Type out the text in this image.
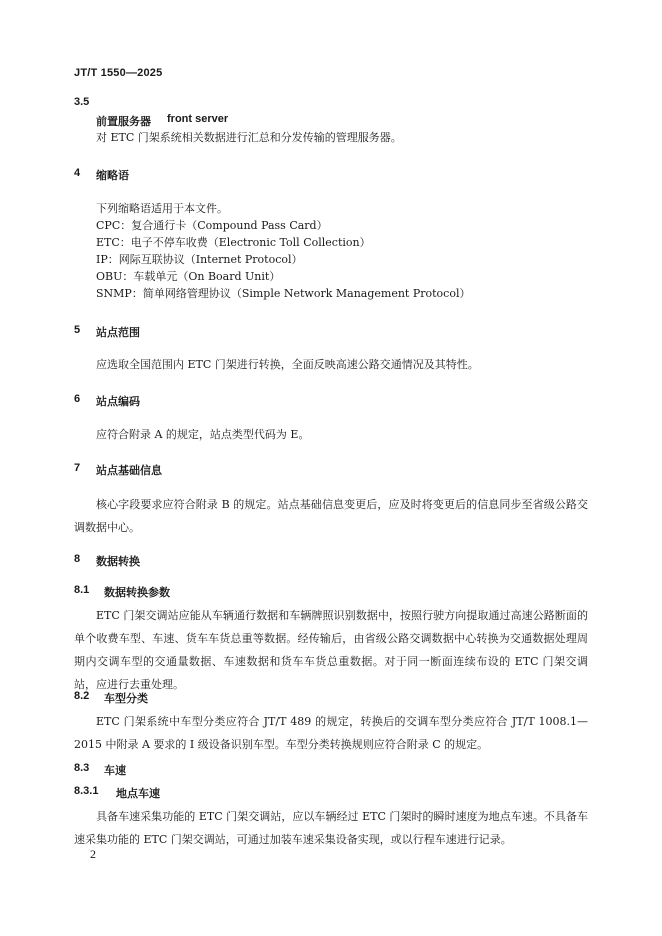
JT/T 1550—2025
3.5
前置服务器 front server
对 ETC 门架系统相关数据进行汇总和分发传输的管理服务器。
4 缩略语
下列缩略语适用于本文件。
CPC：复合通行卡（Compound Pass Card）
ETC：电子不停车收费（Electronic Toll Collection）
IP：网际互联协议（Internet Protocol）
OBU：车载单元（On Board Unit）
SNMP：简单网络管理协议（Simple Network Management Protocol）
5 站点范围
应选取全国范围内 ETC 门架进行转换，全面反映高速公路交通情况及其特性。
6 站点编码
应符合附录 A 的规定，站点类型代码为 E。
7 站点基础信息
核心字段要求应符合附录 B 的规定。站点基础信息变更后，应及时将变更后的信息同步至省级公路交调数据中心。
8 数据转换
8.1 数据转换参数
ETC 门架交调站应能从车辆通行数据和车辆牌照识别数据中，按照行驶方向提取通过高速公路断面的单个收费车型、车速、货车车货总重等数据。经传输后，由省级公路交调数据中心转换为交通数据处理周期内交调车型的交通量数据、车速数据和货车车货总重数据。对于同一断面连续布设的 ETC 门架交调站，应进行去重处理。
8.2 车型分类
ETC 门架系统中车型分类应符合 JT/T 489 的规定，转换后的交调车型分类应符合 JT/T 1008.1—2015 中附录 A 要求的 I 级设备识别车型。车型分类转换规则应符合附录 C 的规定。
8.3 车速
8.3.1 地点车速
具备车速采集功能的 ETC 门架交调站，应以车辆经过 ETC 门架时的瞬时速度为地点车速。不具备车速采集功能的 ETC 门架交调站，可通过加装车速采集设备实现，或以行程车速进行记录。
2
